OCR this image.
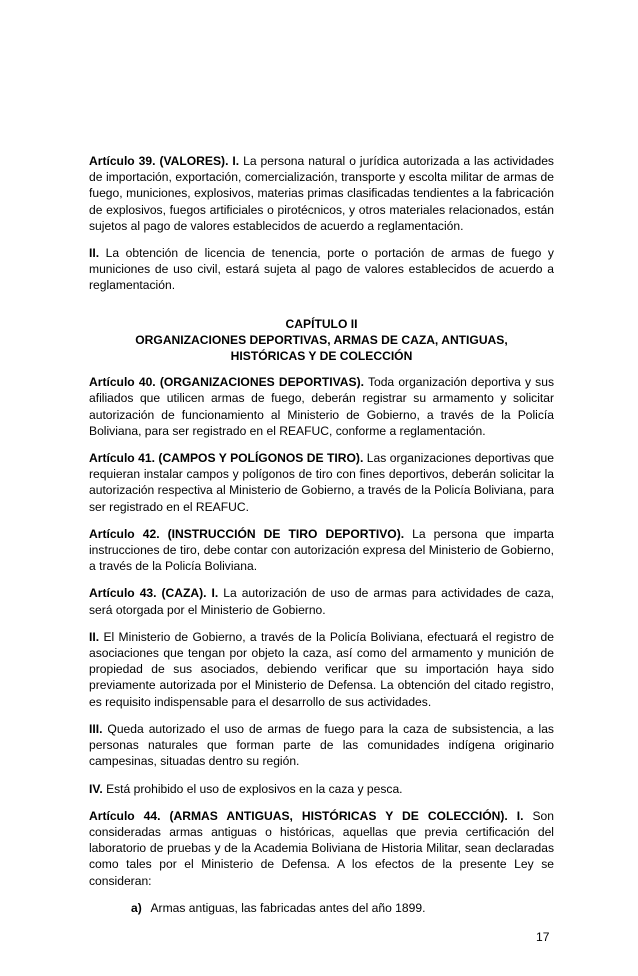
Artículo 39. (VALORES). I. La persona natural o jurídica autorizada a las actividades de importación, exportación, comercialización, transporte y escolta militar de armas de fuego, municiones, explosivos, materias primas clasificadas tendientes a la fabricación de explosivos, fuegos artificiales o pirotécnicos, y otros materiales relacionados, están sujetos al pago de valores establecidos de acuerdo a reglamentación.

II. La obtención de licencia de tenencia, porte o portación de armas de fuego y municiones de uso civil, estará sujeta al pago de valores establecidos de acuerdo a reglamentación.

CAPÍTULO II
ORGANIZACIONES DEPORTIVAS, ARMAS DE CAZA, ANTIGUAS,
HISTÓRICAS Y DE COLECCIÓN

Artículo 40. (ORGANIZACIONES DEPORTIVAS). Toda organización deportiva y sus afiliados que utilicen armas de fuego, deberán registrar su armamento y solicitar autorización de funcionamiento al Ministerio de Gobierno, a través de la Policía Boliviana, para ser registrado en el REAFUC, conforme a reglamentación.

Artículo 41. (CAMPOS Y POLÍGONOS DE TIRO). Las organizaciones deportivas que requieran instalar campos y polígonos de tiro con fines deportivos, deberán solicitar la autorización respectiva al Ministerio de Gobierno, a través de la Policía Boliviana, para ser registrado en el REAFUC.

Artículo 42. (INSTRUCCIÓN DE TIRO DEPORTIVO). La persona que imparta instrucciones de tiro, debe contar con autorización expresa del Ministerio de Gobierno, a través de la Policía Boliviana.

Artículo 43. (CAZA). I. La autorización de uso de armas para actividades de caza, será otorgada por el Ministerio de Gobierno.

II. El Ministerio de Gobierno, a través de la Policía Boliviana, efectuará el registro de asociaciones que tengan por objeto la caza, así como del armamento y munición de propiedad de sus asociados, debiendo verificar que su importación haya sido previamente autorizada por el Ministerio de Defensa. La obtención del citado registro, es requisito indispensable para el desarrollo de sus actividades.

III. Queda autorizado el uso de armas de fuego para la caza de subsistencia, a las personas naturales que forman parte de las comunidades indígena originario campesinas, situadas dentro su región.

IV. Está prohibido el uso de explosivos en la caza y pesca.

Artículo 44. (ARMAS ANTIGUAS, HISTÓRICAS Y DE COLECCIÓN). I. Son consideradas armas antiguas o históricas, aquellas que previa certificación del laboratorio de pruebas y de la Academia Boliviana de Historia Militar, sean declaradas como tales por el Ministerio de Defensa. A los efectos de la presente Ley se consideran:

a) Armas antiguas, las fabricadas antes del año 1899.
17
